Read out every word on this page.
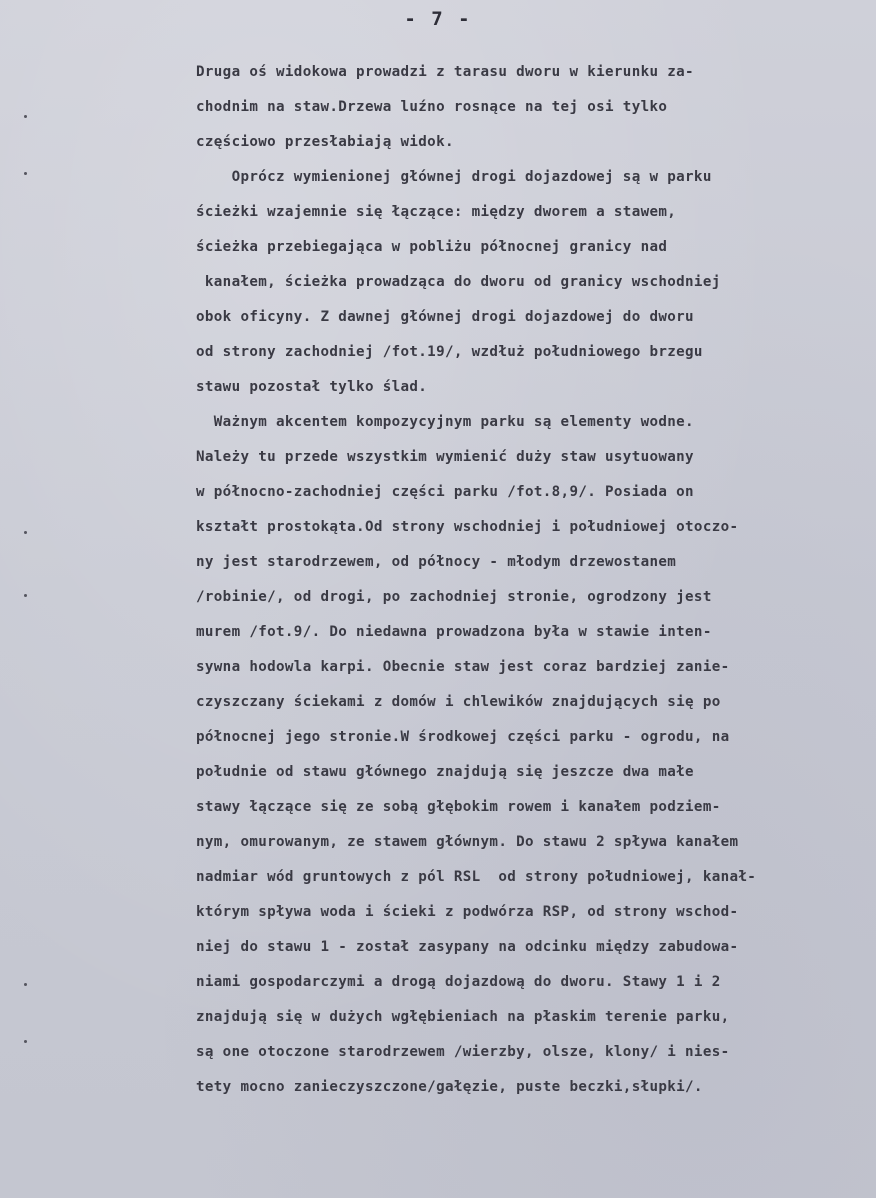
- 7 -
Druga oś widokowa prowadzi z tarasu dworu w kierunku za-
chodnim na staw.Drzewa luźno rosnące na tej osi tylko
częściowo przesłabiają widok.
Oprócz wymienionej głównej drogi dojazdowej są w parku
ścieżki wzajemnie się łączące: między dworem a stawem,
ścieżka przebiegająca w pobliżu północnej granicy nad
kanałem, ścieżka prowadząca do dworu od granicy wschodniej
obok oficyny. Z dawnej głównej drogi dojazdowej do dworu
od strony zachodniej /fot.19/, wzdłuż południowego brzegu
stawu pozostał tylko ślad.
Ważnym akcentem kompozycyjnym parku są elementy wodne.
Należy tu przede wszystkim wymienić duży staw usytuowany
w północno-zachodniej części parku /fot.8,9/. Posiada on
kształt prostokąta.Od strony wschodniej i południowej otoczo-
ny jest starodrzewem, od północy - młodym drzewostanem
/robinie/, od drogi, po zachodniej stronie, ogrodzony jest
murem /fot.9/. Do niedawna prowadzona była w stawie inten-
sywna hodowla karpi. Obecnie staw jest coraz bardziej zanie-
czyszczany ściekami z domów i chlewików znajdujących się po
północnej jego stronie.W środkowej części parku - ogrodu, na
południe od stawu głównego znajdują się jeszcze dwa małe
stawy łączące się ze sobą głębokim rowem i kanałem podziem-
nym, omurowanym, ze stawem głównym. Do stawu 2 spływa kanałem
nadmiar wód gruntowych z pól RSL  od strony południowej, kanał-
którym spływa woda i ścieki z podwórza RSP, od strony wschod-
niej do stawu 1 - został zasypany na odcinku między zabudowa-
niami gospodarczymi a drogą dojazdową do dworu. Stawy 1 i 2
znajdują się w dużych wgłębieniach na płaskim terenie parku,
są one otoczone starodrzewem /wierzby, olsze, klony/ i nies-
tety mocno zanieczyszczone/gałęzie, puste beczki,słupki/.
